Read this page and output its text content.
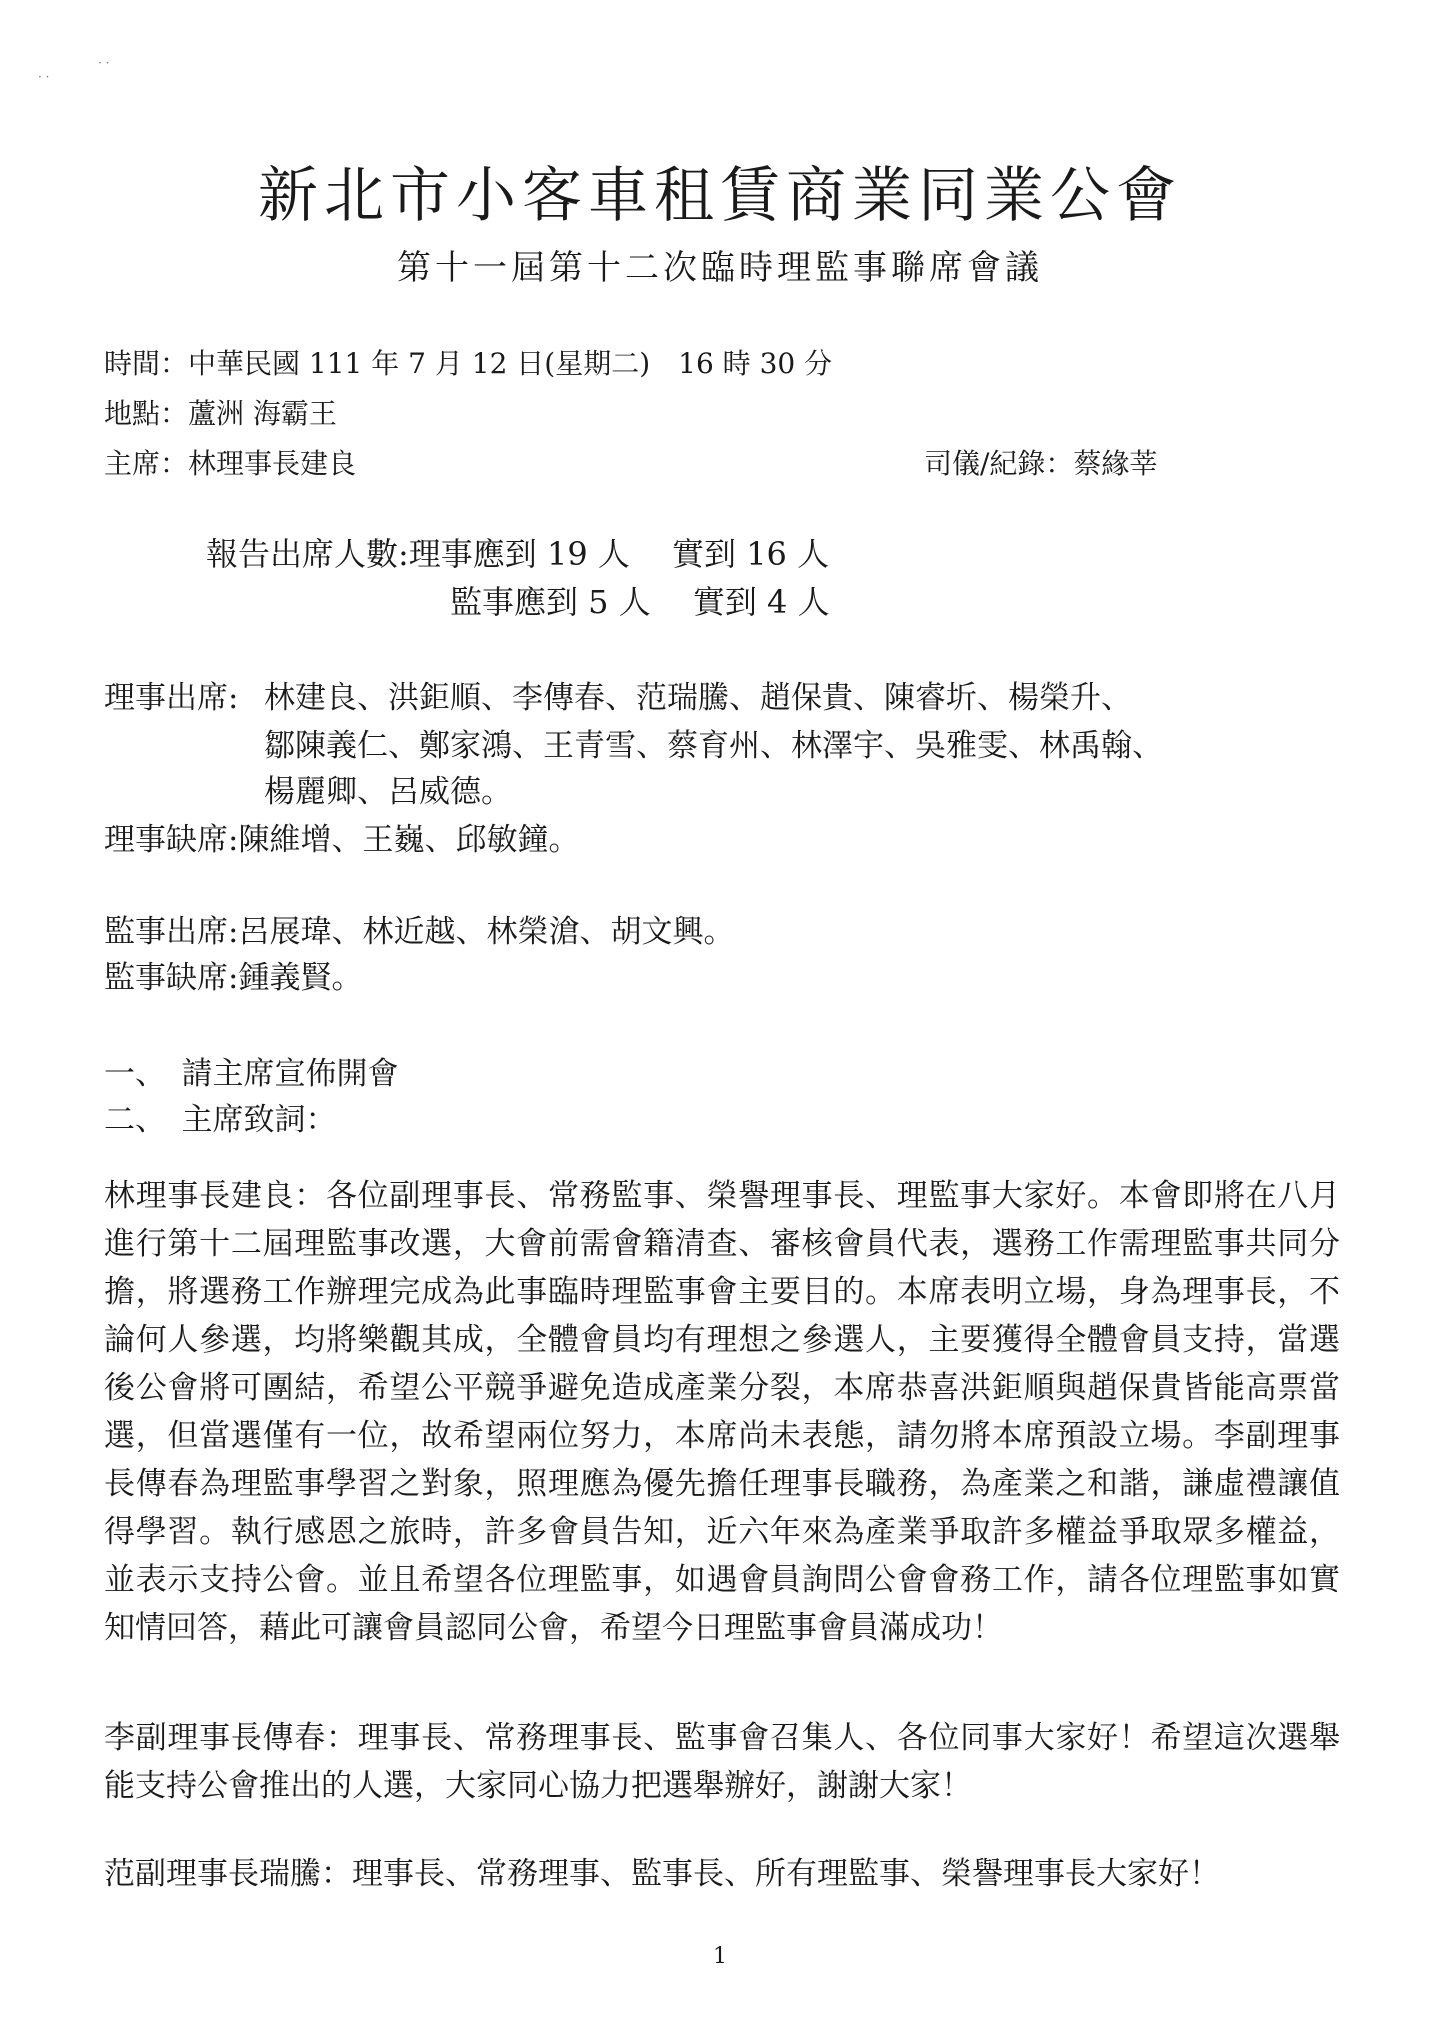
· ·
· ·
新北市小客車租賃商業同業公會
第十一屆第十二次臨時理監事聯席會議
時間：中華民國 111 年 7 月 12 日(星期二)　16 時 30 分
地點：蘆洲 海霸王
主席：林理事長建良	司儀/紀錄：蔡緣莘
報告出席人數:理事應到 19 人　 實到 16 人
監事應到 5 人　 實到 4 人
理事出席: 林建良、洪鉅順、李傳春、范瑞騰、趙保貴、陳睿圻、楊榮升、
鄒陳義仁、鄭家鴻、王青雪、蔡育州、林澤宇、吳雅雯、林禹翰、
楊麗卿、呂威德。
理事缺席:陳維增、王巍、邱敏鐘。
監事出席:呂展瑋、林近越、林榮滄、胡文興。
監事缺席:鍾義賢。
一、　請主席宣佈開會
二、　主席致詞：
林理事長建良：各位副理事長、常務監事、榮譽理事長、理監事大家好。本會即將在八月進行第十二屆理監事改選，大會前需會籍清查、審核會員代表，選務工作需理監事共同分擔，將選務工作辦理完成為此事臨時理監事會主要目的。本席表明立場，身為理事長，不論何人參選，均將樂觀其成，全體會員均有理想之參選人，主要獲得全體會員支持，當選後公會將可團結，希望公平競爭避免造成產業分裂，本席恭喜洪鉅順與趙保貴皆能高票當選，但當選僅有一位，故希望兩位努力，本席尚未表態，請勿將本席預設立場。李副理事長傳春為理監事學習之對象，照理應為優先擔任理事長職務，為產業之和諧，謙虛禮讓值得學習。執行感恩之旅時，許多會員告知，近六年來為產業爭取許多權益爭取眾多權益，並表示支持公會。並且希望各位理監事，如遇會員詢問公會會務工作，請各位理監事如實知情回答，藉此可讓會員認同公會，希望今日理監事會員滿成功！
李副理事長傳春：理事長、常務理事長、監事會召集人、各位同事大家好！希望這次選舉能支持公會推出的人選，大家同心協力把選舉辦好，謝謝大家！
范副理事長瑞騰：理事長、常務理事、監事長、所有理監事、榮譽理事長大家好！
1
